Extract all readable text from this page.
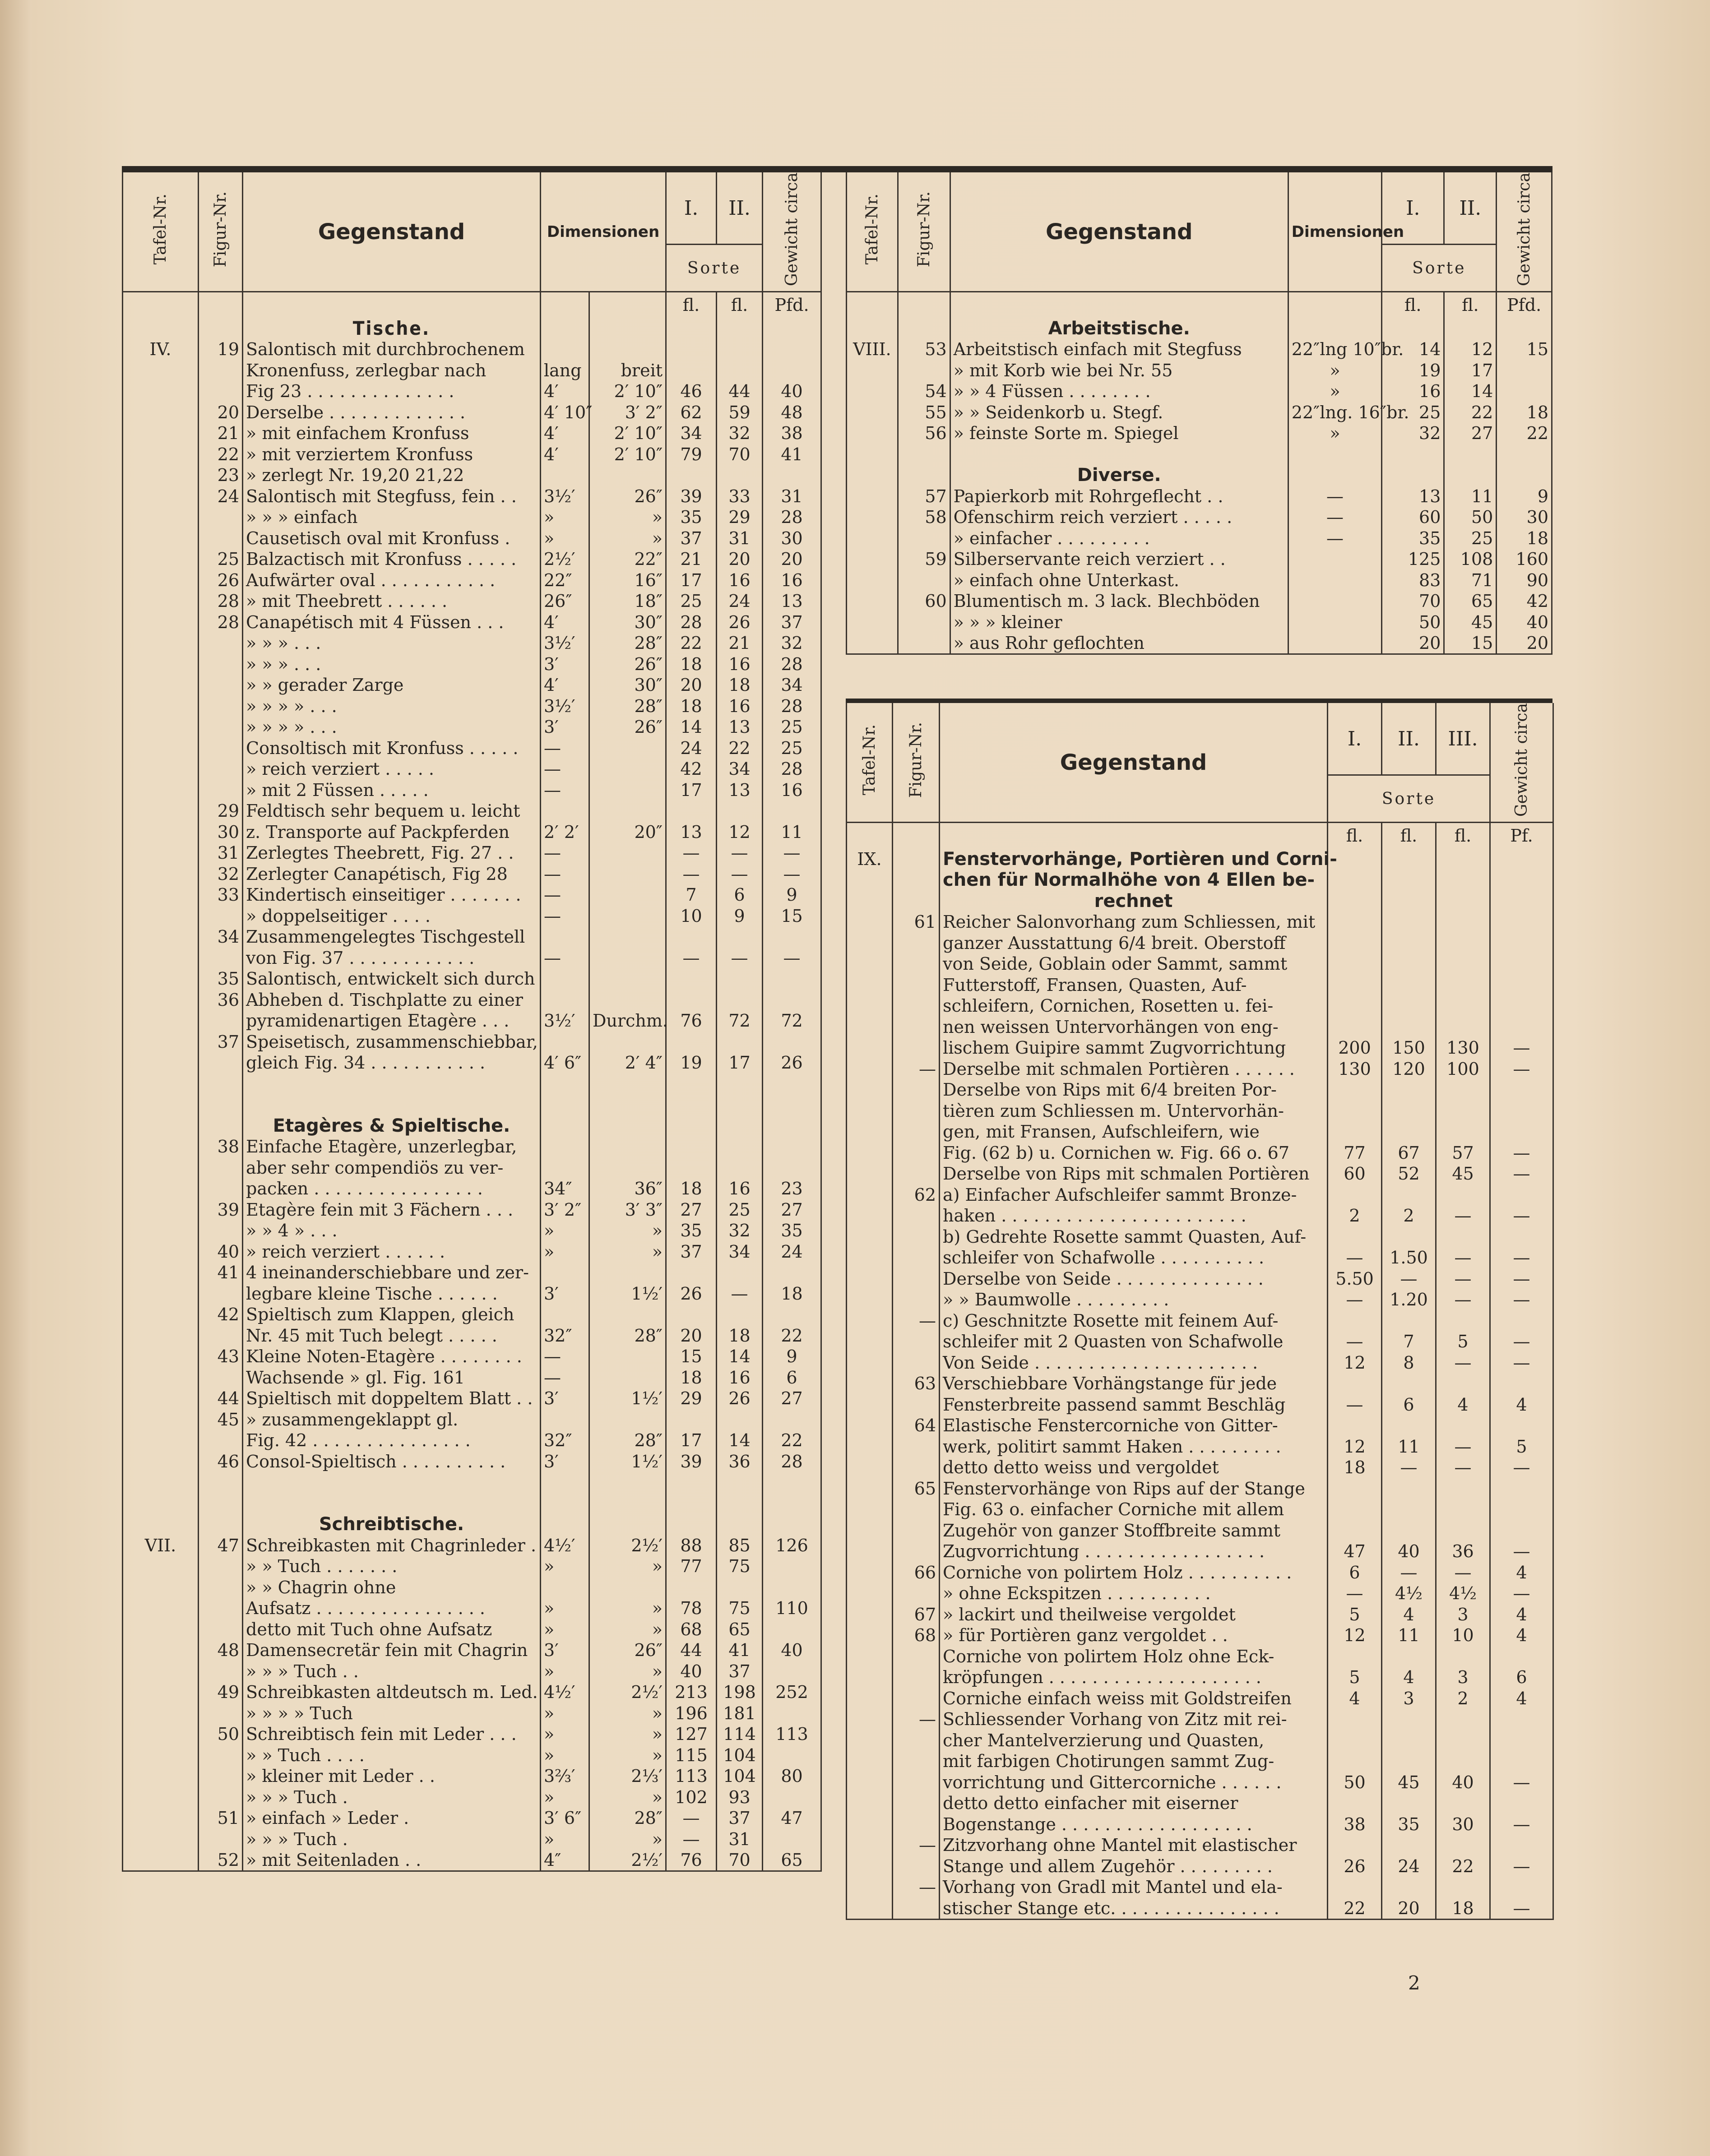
Tafel-Nr.	Figur-Nr.	Gegenstand	Dimensionen		I.	II.	Gewicht circa
					Sorte		
					fl.	fl.	Pfd.
		Tische.					
IV.	19	Salontisch mit durchbrochenem					
		Kronenfuss, zerlegbar nach	lang	breit			
		Fig 23 . . . . . . . . . . . . . .	4′	2′ 10″	46	44	40
	20	Derselbe . . . . . . . . . . . . .	4′ 10″	3′ 2″	62	59	48
	21	» mit einfachem Kronfuss	4′	2′ 10″	34	32	38
	22	» mit verziertem Kronfuss	4′	2′ 10″	79	70	41
	23	» zerlegt Nr. 19,20 21,22					
	24	Salontisch mit Stegfuss, fein . .	3½′	26″	39	33	31
		» » » einfach	»	»	35	29	28
		Causetisch oval mit Kronfuss .	»	»	37	31	30
	25	Balzactisch mit Kronfuss . . . . .	2½′	22″	21	20	20
	26	Aufwärter oval . . . . . . . . . . .	22″	16″	17	16	16
	28	» mit Theebrett . . . . . .	26″	18″	25	24	13
	28	Canapétisch mit 4 Füssen . . .	4′	30″	28	26	37
		» » » . . .	3½′	28″	22	21	32
		» » » . . .	3′	26″	18	16	28
		» » gerader Zarge	4′	30″	20	18	34
		» » » » . . .	3½′	28″	18	16	28
		» » » » . . .	3′	26″	14	13	25
		Consoltisch mit Kronfuss . . . . .	—		24	22	25
		» reich verziert . . . . .	—		42	34	28
		» mit 2 Füssen . . . . .	—		17	13	16
	29	Feldtisch sehr bequem u. leicht					
	30	z. Transporte auf Packpferden	2′ 2′	20″	13	12	11
	31	Zerlegtes Theebrett, Fig. 27 . .	—		—	—	—
	32	Zerlegter Canapétisch, Fig 28	—		—	—	—
	33	Kindertisch einseitiger . . . . . . .	—		7	6	9
		» doppelseitiger . . . .	—		10	9	15
	34	Zusammengelegtes Tischgestell					
		von Fig. 37 . . . . . . . . . . . .	—		—	—	—
	35	Salontisch, entwickelt sich durch					
	36	Abheben d. Tischplatte zu einer					
		pyramidenartigen Etagère . . .	3½′	Durchm.	76	72	72
	37	Speisetisch, zusammenschiebbar,					
		gleich Fig. 34 . . . . . . . . . . .	4′ 6″	2′ 4″	19	17	26

		Etagères & Spieltische.					
	38	Einfache Etagère, unzerlegbar,					
		aber sehr compendiös zu ver-					
		packen . . . . . . . . . . . . . . . .	34″	36″	18	16	23
	39	Etagère fein mit 3 Fächern . . .	3′ 2″	3′ 3″	27	25	27
		» » 4 » . . .	»	»	35	32	35
	40	» reich verziert . . . . . .	»	»	37	34	24
	41	4 ineinanderschiebbare und zer-					
		legbare kleine Tische . . . . . .	3′	1½′	26	—	18
	42	Spieltisch zum Klappen, gleich					
		Nr. 45 mit Tuch belegt . . . . .	32″	28″	20	18	22
	43	Kleine Noten-Etagère . . . . . . . .	—		15	14	9
		Wachsende » gl. Fig. 161	—		18	16	6
	44	Spieltisch mit doppeltem Blatt . .	3′	1½′	29	26	27
	45	» zusammengeklappt gl.					
		Fig. 42 . . . . . . . . . . . . . . .	32″	28″	17	14	22
	46	Consol-Spieltisch . . . . . . . . . .	3′	1½′	39	36	28

		Schreibtische.					
VII.	47	Schreibkasten mit Chagrinleder .	4½′	2½′	88	85	126
		» » Tuch . . . . . . .	»	»	77	75	
		» » Chagrin ohne					
		Aufsatz . . . . . . . . . . . . . . . .	»	»	78	75	110
		detto mit Tuch ohne Aufsatz	»	»	68	65	
	48	Damensecretär fein mit Chagrin	3′	26″	44	41	40
		» » » Tuch . .	»	»	40	37	
	49	Schreibkasten altdeutsch m. Led.	4½′	2½′	213	198	252
		» » » » Tuch	»	»	196	181	
	50	Schreibtisch fein mit Leder . . .	»	»	127	114	113
		» » Tuch . . . .	»	»	115	104	
		» kleiner mit Leder . .	3⅔′	2⅓′	113	104	80
		» » » Tuch .	»	»	102	93	
	51	» einfach » Leder .	3′ 6″	28″	—	37	47
		» » » Tuch .	»	»	—	31	
	52	» mit Seitenladen . .	4″	2½′	76	70	65
Tafel-Nr.	Figur-Nr.	Gegenstand	Dimensionen	I.	II.	Gewicht circa
				Sorte		
				fl.	fl.	Pfd.
		Arbeitstische.				
VIII.	53	Arbeitstisch einfach mit Stegfuss	22″lng 10″br.	14	12	15
		» mit Korb wie bei Nr. 55	»	19	17	
	54	» » 4 Füssen . . . . . . . .	»	16	14	
	55	» » Seidenkorb u. Stegf.	22″lng. 16″br.	25	22	18
	56	» feinste Sorte m. Spiegel	»	32	27	22

		Diverse.				
	57	Papierkorb mit Rohrgeflecht . .	—	13	11	9
	58	Ofenschirm reich verziert . . . . .	—	60	50	30
		» einfacher . . . . . . . . .	—	35	25	18
	59	Silberservante reich verziert . .		125	108	160
		» einfach ohne Unterkast.		83	71	90
	60	Blumentisch m. 3 lack. Blechböden		70	65	42
		» » » kleiner		50	45	40
		» aus Rohr geflochten		20	15	20
Tafel-Nr.	Figur-Nr.	Gegenstand	I.	II.	III.	Gewicht circa
			Sorte			
			fl.	fl.	fl.	Pf.
IX.		Fenstervorhänge, Portièren und Corni-				
		chen für Normalhöhe von 4 Ellen be-				
		rechnet				
	61	Reicher Salonvorhang zum Schliessen, mit				
		ganzer Ausstattung 6/4 breit. Oberstoff				
		von Seide, Goblain oder Sammt, sammt				
		Futterstoff, Fransen, Quasten, Auf-				
		schleifern, Cornichen, Rosetten u. fei-				
		nen weissen Untervorhängen von eng-				
		lischem Guipire sammt Zugvorrichtung	200	150	130	—
	—	Derselbe mit schmalen Portièren . . . . . .	130	120	100	—
		Derselbe von Rips mit 6/4 breiten Por-				
		tièren zum Schliessen m. Untervorhän-				
		gen, mit Fransen, Aufschleifern, wie				
		Fig. (62 b) u. Cornichen w. Fig. 66 o. 67	77	67	57	—
		Derselbe von Rips mit schmalen Portièren	60	52	45	—
	62	a) Einfacher Aufschleifer sammt Bronze-				
		haken . . . . . . . . . . . . . . . . . . . . . . .	2	2	—	—
		b) Gedrehte Rosette sammt Quasten, Auf-				
		schleifer von Schafwolle . . . . . . . . . .	—	1.50	—	—
		Derselbe von Seide . . . . . . . . . . . . . .	5.50	—	—	—
		» » Baumwolle . . . . . . . . .	—	1.20	—	—
	—	c) Geschnitzte Rosette mit feinem Auf-				
		schleifer mit 2 Quasten von Schafwolle	—	7	5	—
		Von Seide . . . . . . . . . . . . . . . . . . . . .	12	8	—	—
	63	Verschiebbare Vorhängstange für jede				
		Fensterbreite passend sammt Beschläg	—	6	4	4
	64	Elastische Fenstercorniche von Gitter-				
		werk, politirt sammt Haken . . . . . . . . .	12	11	—	5
		detto detto weiss und vergoldet	18	—	—	—
	65	Fenstervorhänge von Rips auf der Stange				
		Fig. 63 o. einfacher Corniche mit allem				
		Zugehör von ganzer Stoffbreite sammt				
		Zugvorrichtung . . . . . . . . . . . . . . . . .	47	40	36	—
	66	Corniche von polirtem Holz . . . . . . . . . .	6	—	—	4
		» ohne Eckspitzen . . . . . . . . . .	—	4½	4½	—
	67	» lackirt und theilweise vergoldet	5	4	3	4
	68	» für Portièren ganz vergoldet . .	12	11	10	4
		Corniche von polirtem Holz ohne Eck-				
		kröpfungen . . . . . . . . . . . . . . . . . . . .	5	4	3	6
		Corniche einfach weiss mit Goldstreifen	4	3	2	4
	—	Schliessender Vorhang von Zitz mit rei-				
		cher Mantelverzierung und Quasten,				
		mit farbigen Chotirungen sammt Zug-				
		vorrichtung und Gittercorniche . . . . . .	50	45	40	—
		detto detto einfacher mit eiserner				
		Bogenstange . . . . . . . . . . . . . . . . . .	38	35	30	—
	—	Zitzvorhang ohne Mantel mit elastischer				
		Stange und allem Zugehör . . . . . . . . .	26	24	22	—
	—	Vorhang von Gradl mit Mantel und ela-				
		stischer Stange etc. . . . . . . . . . . . . . . .	22	20	18	—
2
